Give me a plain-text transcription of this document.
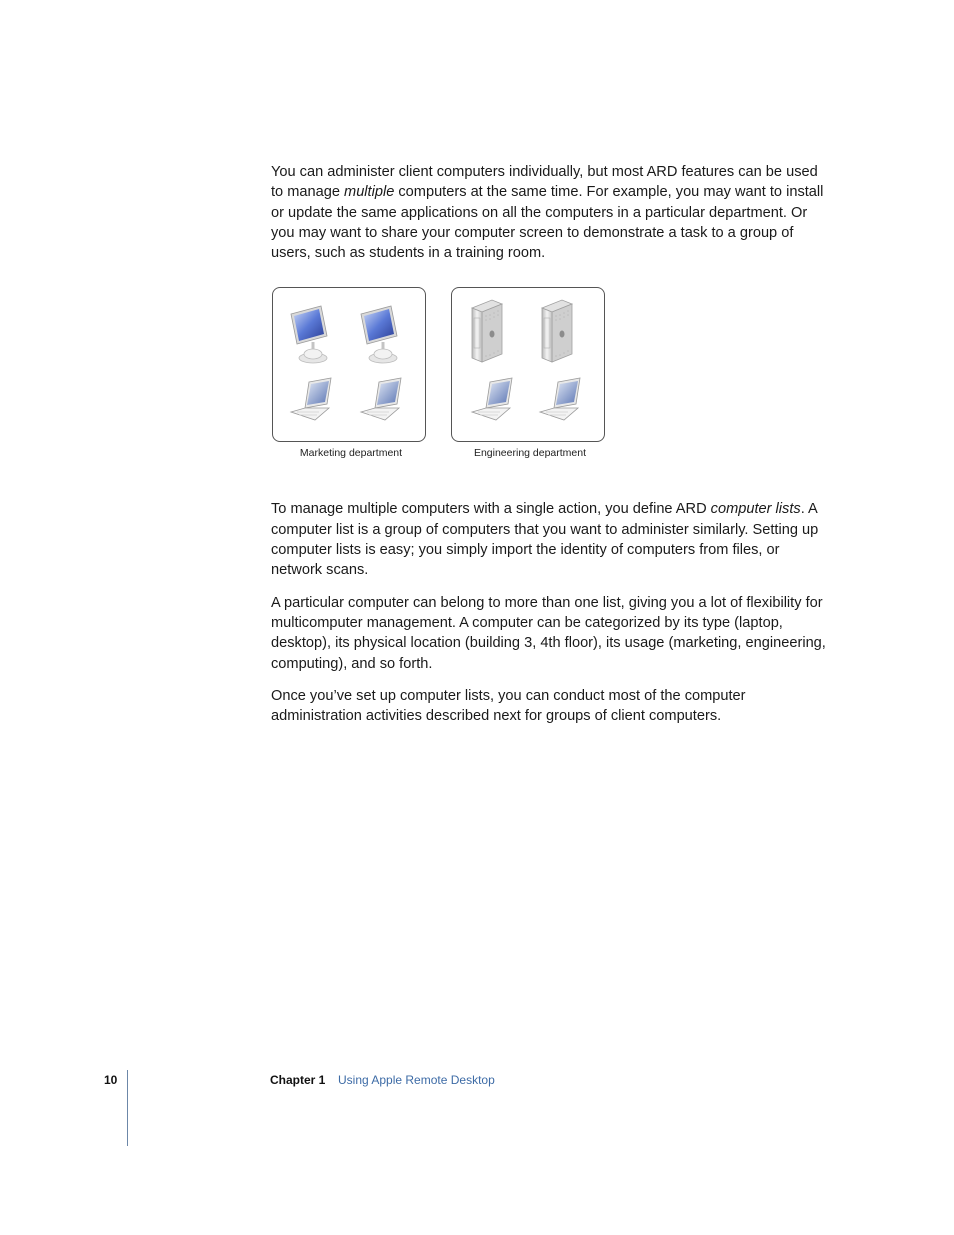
You can administer client computers individually, but most ARD features can be used to manage multiple computers at the same time. For example, you may want to install or update the same applications on all the computers in a particular department. Or you may want to share your computer screen to demonstrate a task to a group of users, such as students in a training room.

Marketing department	Engineering department

To manage multiple computers with a single action, you define ARD computer lists. A computer list is a group of computers that you want to administer similarly. Setting up computer lists is easy; you simply import the identity of computers from files, or network scans.

A particular computer can belong to more than one list, giving you a lot of flexibility for multicomputer management. A computer can be categorized by its type (laptop, desktop), its physical location (building 3, 4th floor), its usage (marketing, engineering, computing), and so forth.

Once you’ve set up computer lists, you can conduct most of the computer administration activities described next for groups of client computers.

10	Chapter 1 Using Apple Remote Desktop
